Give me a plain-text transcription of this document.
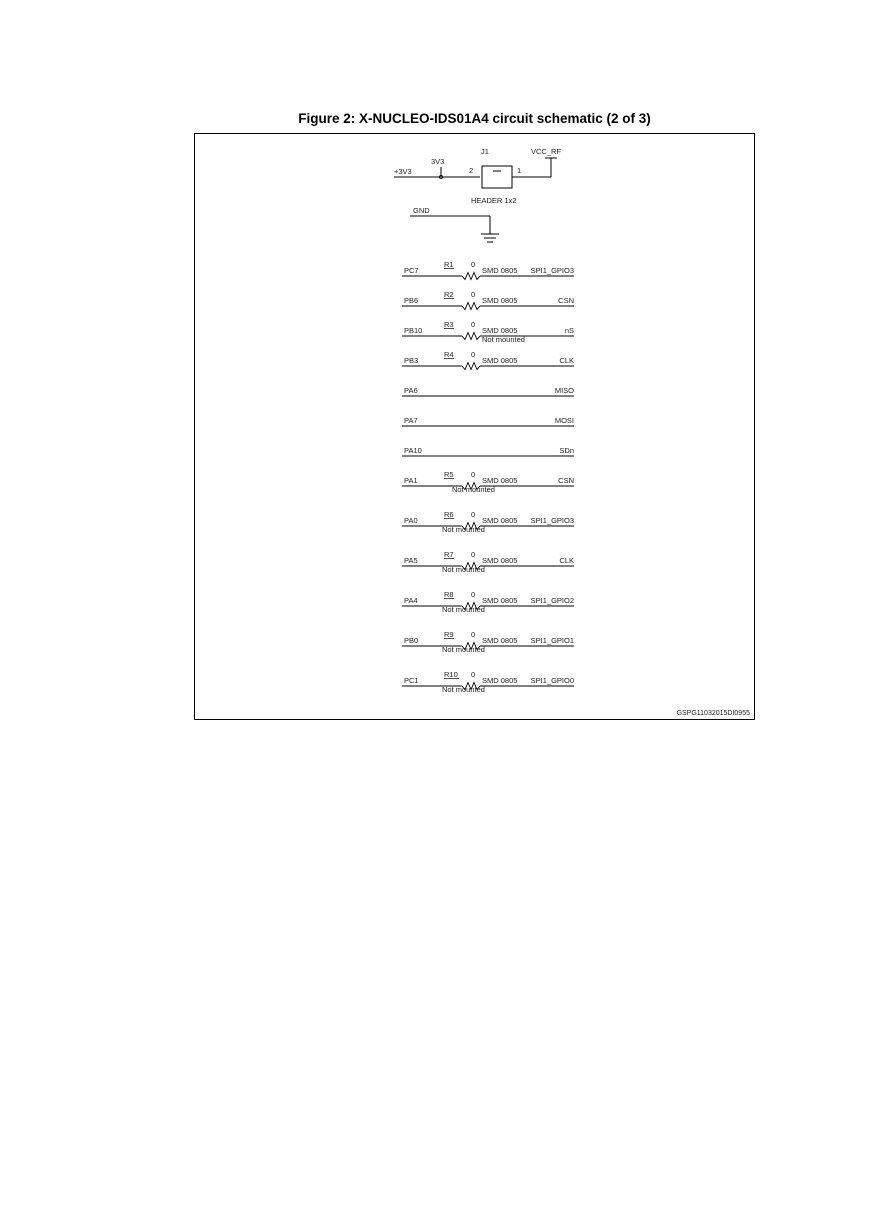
Figure 2: X-NUCLEO-IDS01A4 circuit schematic (2 of 3)
+3V3
3V3
J1
2	1
VCC_RF
HEADER 1x2
GND
GSPG11032015DI0955
PC7	SPI1_GPIO3
R1 0
SMD 0805
PB6	CSN
R2 0
SMD 0805
PB10	nS
R3 0
SMD 0805
Not mounted
PB3	CLK
R4 0
SMD 0805
PA6	MISO
PA7	MOSI
PA10	SDn
PA1	CSN
R5 0
SMD 0805
Not mounted
PA0	SPI1_GPIO3
R6 0
SMD 0805
Not mounted
PA5	CLK
R7 0
SMD 0805
Not mounted
PA4	SPI1_GPIO2
R8 0
SMD 0805
Not mounted
PB0	SPI1_GPIO1
R9 0
SMD 0805
Not mounted
PC1	SPI1_GPIO0
R10 0
SMD 0805
Not mounted
